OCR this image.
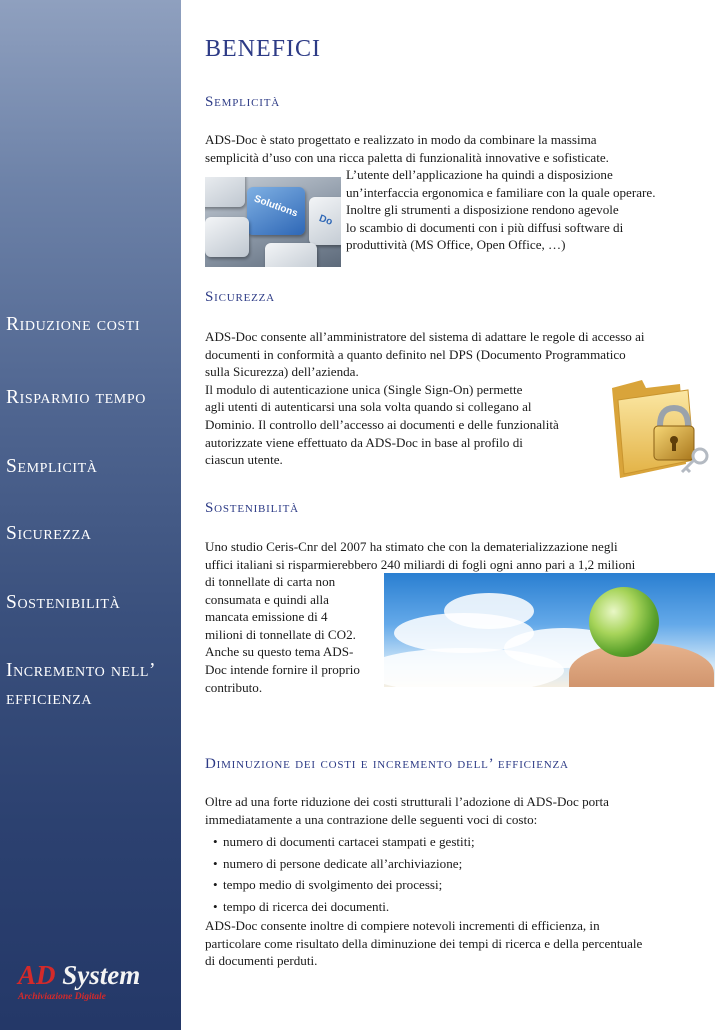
Riduzione costi
Risparmio tempo
Semplicità
Sicurezza
Sostenibilità
Incremento nell’ efficienza
AD System
Archiviazione Digitale
BENEFICI
Semplicità

ADS-Doc è stato progettato e realizzato in modo da combinare la massima

semplicità d’uso con una ricca paletta di funzionalità innovative e sofisticate.

Solutions
Do

L’utente dell’applicazione ha quindi a disposizione

un’interfaccia ergonomica e familiare con la quale operare.

Inoltre gli strumenti a disposizione rendono agevole

lo scambio di documenti con i più diffusi software di

produttività (MS Office, Open Office, …)

Sicurezza

ADS-Doc consente all’amministratore del sistema di adattare le regole di accesso ai

documenti in conformità a quanto definito nel DPS (Documento Programmatico

sulla Sicurezza) dell’azienda.

Il modulo di autenticazione unica (Single Sign-On) permette

agli utenti di autenticarsi una sola volta quando si collegano al

Dominio. Il controllo dell’accesso ai documenti e delle funzionalità

autorizzate viene effettuato da ADS-Doc in base al profilo di

ciascun utente.

Sostenibilità

Uno studio Ceris-Cnr del 2007 ha stimato che con la dematerializzazione negli

uffici italiani si risparmierebbero 240 miliardi di fogli ogni anno pari a 1,2 milioni

di tonnellate di carta non

consumata e quindi alla

mancata emissione di 4

milioni di tonnellate di CO2.

Anche su questo tema ADS-

Doc intende fornire il proprio

contributo.

Diminuzione dei costi e incremento dell’ efficienza

Oltre ad una forte riduzione dei costi strutturali l’adozione di ADS-Doc porta

immediatamente a una contrazione delle seguenti voci di costo:

• numero di documenti cartacei stampati e gestiti;
• numero di persone dedicate all’archiviazione;
• tempo medio di svolgimento dei processi;
• tempo di ricerca dei documenti.

ADS-Doc consente inoltre di compiere notevoli incrementi di efficienza, in

particolare come risultato della diminuzione dei tempi di ricerca e della percentuale

di documenti perduti.
